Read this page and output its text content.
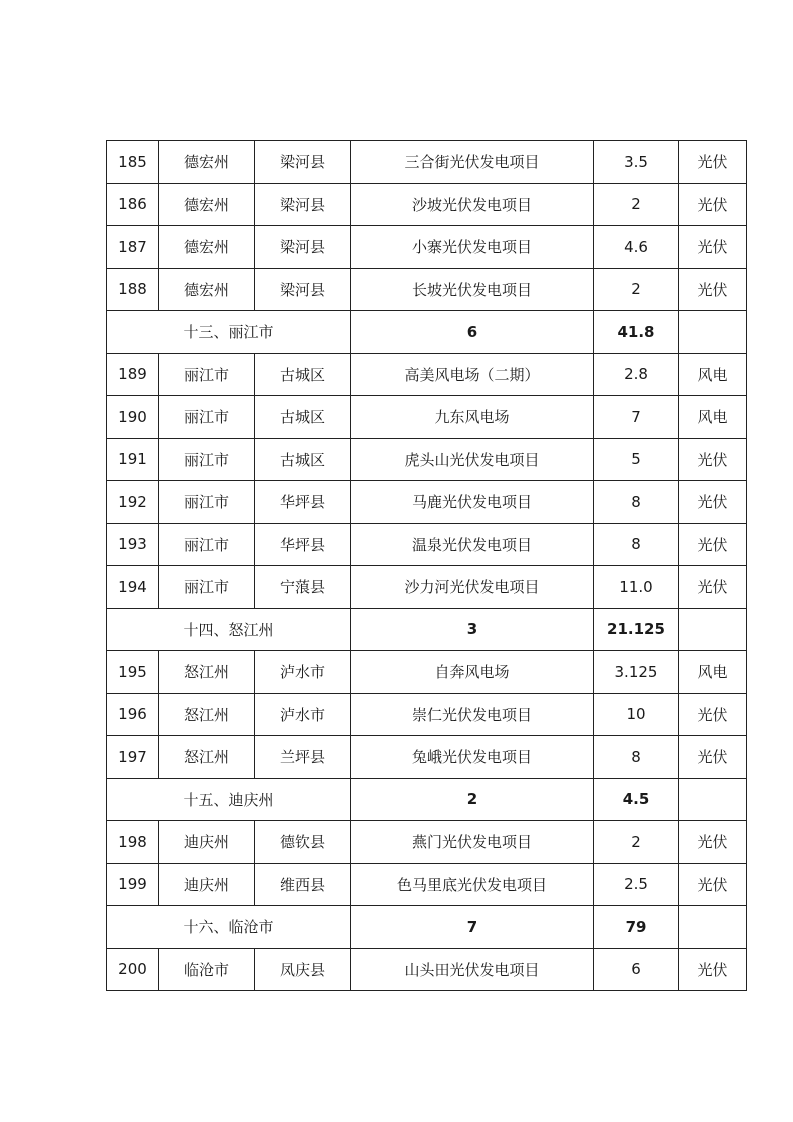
185	德宏州	梁河县	三合街光伏发电项目	3.5	光伏
186	德宏州	梁河县	沙坡光伏发电项目	2	光伏
187	德宏州	梁河县	小寨光伏发电项目	4.6	光伏
188	德宏州	梁河县	长坡光伏发电项目	2	光伏
十三、丽江市			6	41.8	
189	丽江市	古城区	高美风电场（二期）	2.8	风电
190	丽江市	古城区	九东风电场	7	风电
191	丽江市	古城区	虎头山光伏发电项目	5	光伏
192	丽江市	华坪县	马鹿光伏发电项目	8	光伏
193	丽江市	华坪县	温泉光伏发电项目	8	光伏
194	丽江市	宁蒗县	沙力河光伏发电项目	11.0	光伏
十四、怒江州			3	21.125	
195	怒江州	泸水市	自奔风电场	3.125	风电
196	怒江州	泸水市	崇仁光伏发电项目	10	光伏
197	怒江州	兰坪县	兔峨光伏发电项目	8	光伏
十五、迪庆州			2	4.5	
198	迪庆州	德钦县	燕门光伏发电项目	2	光伏
199	迪庆州	维西县	色马里底光伏发电项目	2.5	光伏
十六、临沧市			7	79	
200	临沧市	凤庆县	山头田光伏发电项目	6	光伏
